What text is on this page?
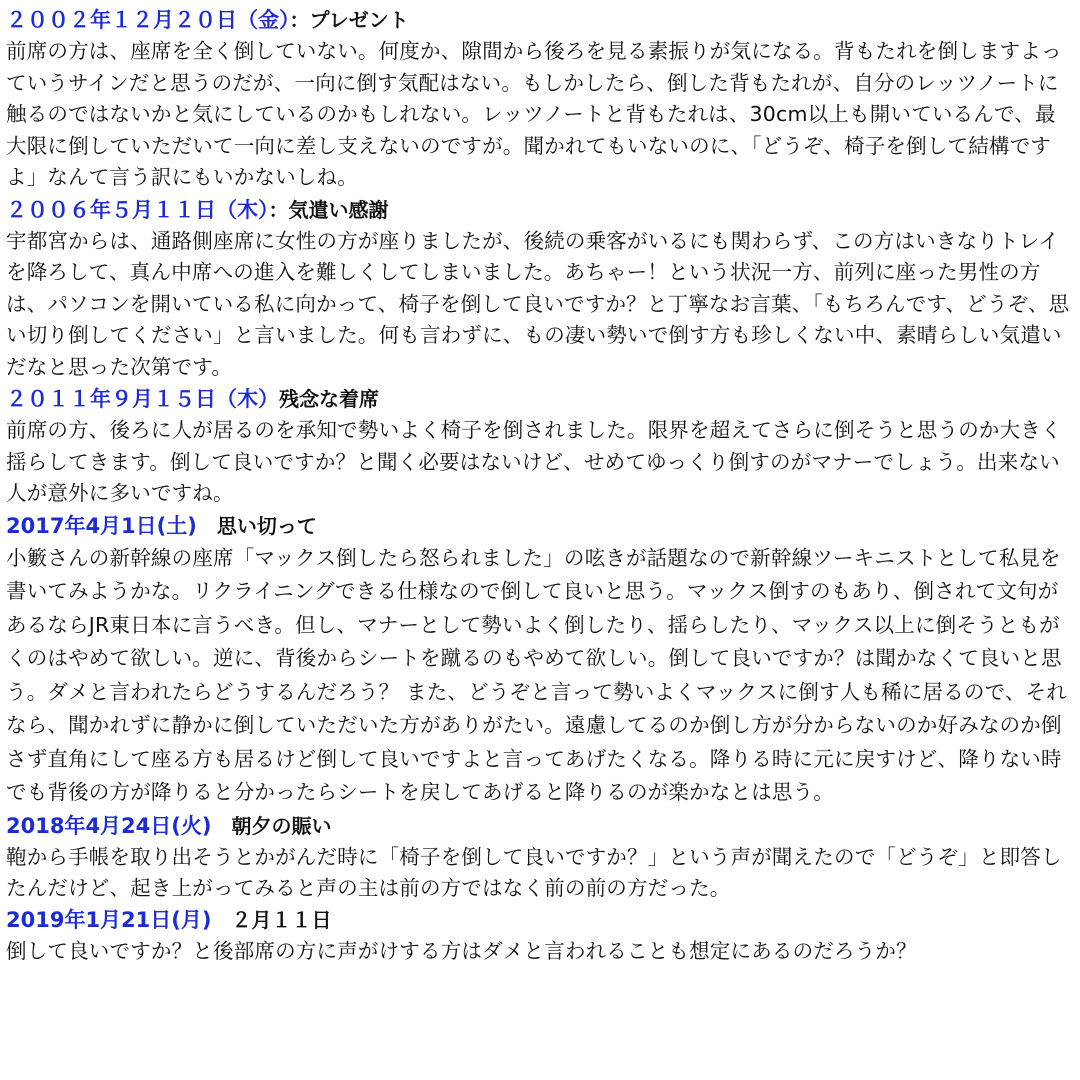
２００２年１２月２０日（金）：プレゼント

前席の方は、座席を全く倒していない。何度か、隙間から後ろを見る素振りが気になる。背もたれを倒しますよっていうサインだと思うのだが、一向に倒す気配はない。もしかしたら、倒した背もたれが、自分のレッツノートに触るのではないかと気にしているのかもしれない。レッツノートと背もたれは、30cm以上も開いているんで、最大限に倒していただいて一向に差し支えないのですが。聞かれてもいないのに、「どうぞ、椅子を倒して結構ですよ」なんて言う訳にもいかないしね。

２００６年５月１１日（木）：気遣い感謝

宇都宮からは、通路側座席に女性の方が座りましたが、後続の乗客がいるにも関わらず、この方はいきなりトレイを降ろして、真ん中席への進入を難しくしてしまいました。あちゃー！という状況一方、前列に座った男性の方は、パソコンを開いている私に向かって、椅子を倒して良いですか？と丁寧なお言葉、「もちろんです、どうぞ、思い切り倒してください」と言いました。何も言わずに、もの凄い勢いで倒す方も珍しくない中、素晴らしい気遣いだなと思った次第です。

２０１１年９月１５日（木）残念な着席

前席の方、後ろに人が居るのを承知で勢いよく椅子を倒されました。限界を超えてさらに倒そうと思うのか大きく揺らしてきます。倒して良いですか？と聞く必要はないけど、せめてゆっくり倒すのがマナーでしょう。出来ない人が意外に多いですね。

2017年4月1日(土)　思い切って

小籔さんの新幹線の座席「マックス倒したら怒られました」の呟きが話題なので新幹線ツーキニストとして私見を書いてみようかな。リクライニングできる仕様なので倒して良いと思う。マックス倒すのもあり、倒されて文句があるならJR東日本に言うべき。但し、マナーとして勢いよく倒したり、揺らしたり、マックス以上に倒そうともがくのはやめて欲しい。逆に、背後からシートを蹴るのもやめて欲しい。倒して良いですか？は聞かなくて良いと思う。ダメと言われたらどうするんだろう？ また、どうぞと言って勢いよくマックスに倒す人も稀に居るので、それなら、聞かれずに静かに倒していただいた方がありがたい。遠慮してるのか倒し方が分からないのか好みなのか倒さず直角にして座る方も居るけど倒して良いですよと言ってあげたくなる。降りる時に元に戻すけど、降りない時でも背後の方が降りると分かったらシートを戻してあげると降りるのが楽かなとは思う。

2018年4月24日(火)　朝夕の賑い

鞄から手帳を取り出そうとかがんだ時に「椅子を倒して良いですか？」という声が聞えたので「どうぞ」と即答したんだけど、起き上がってみると声の主は前の方ではなく前の前の方だった。

2019年1月21日(月)　２月１１日

倒して良いですか？と後部席の方に声がけする方はダメと言われることも想定にあるのだろうか？
